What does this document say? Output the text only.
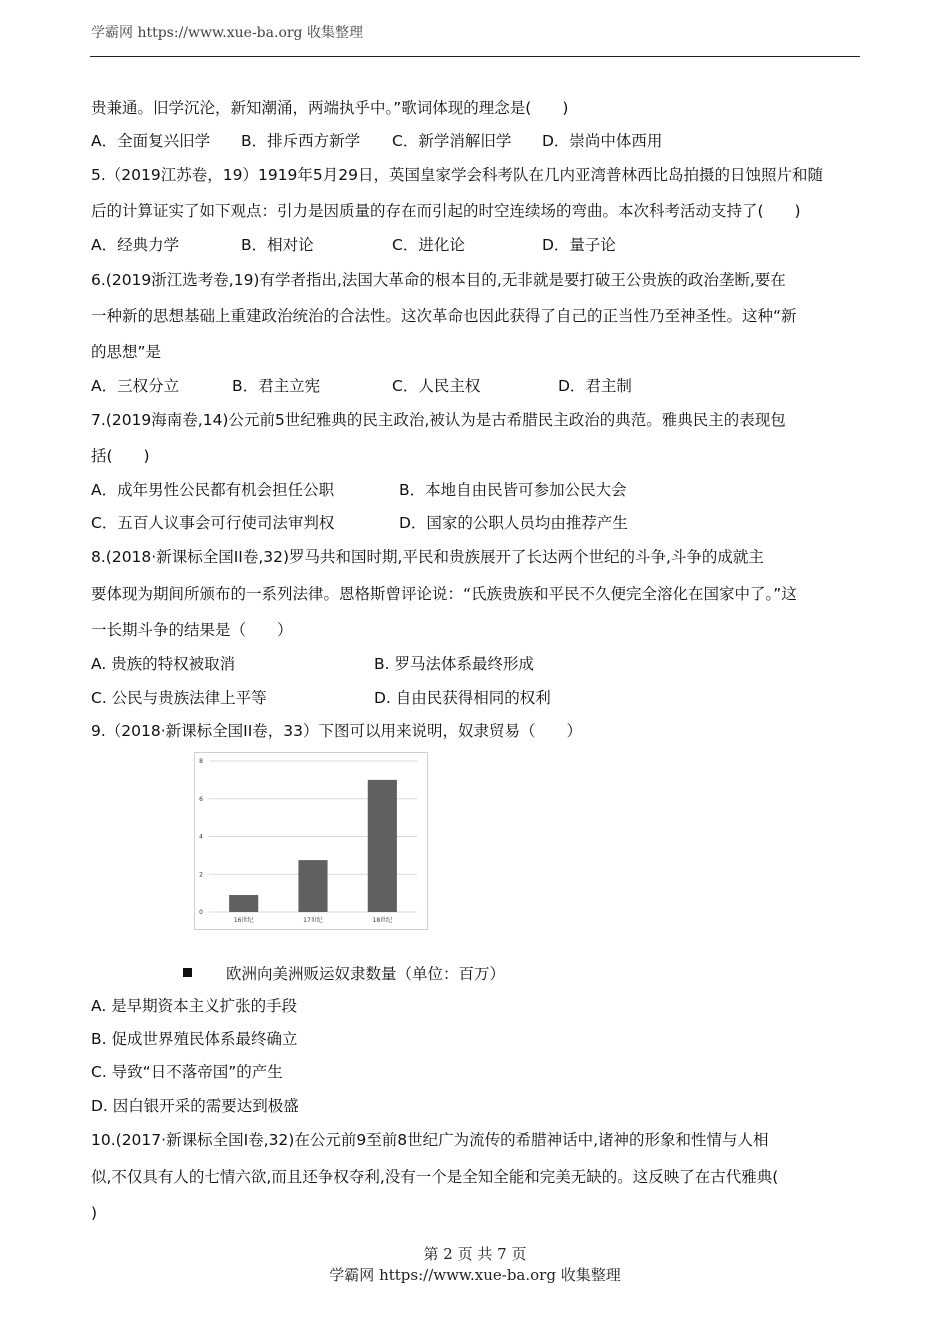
学霸网 https://www.xue-ba.org 收集整理
贵兼通。旧学沉沦，新知潮涌，两端执乎中。”歌词体现的理念是(　　)
A．全面复兴旧学 B．排斥西方新学 C．新学消解旧学 D．崇尚中体西用
5.（2019江苏卷，19）1919年5月29日，英国皇家学会科考队在几内亚湾普林西比岛拍摄的日蚀照片和随
后的计算证实了如下观点：引力是因质量的存在而引起的时空连续场的弯曲。本次科考活动支持了(　　)
A．经典力学	B．相对论	C．进化论	D．量子论
6.(2019浙江选考卷,19)有学者指出,法国大革命的根本目的,无非就是要打破王公贵族的政治垄断,要在
一种新的思想基础上重建政治统治的合法性。这次革命也因此获得了自己的正当性乃至神圣性。这种“新
的思想”是
A．三权分立	B．君主立宪	C．人民主权	D．君主制
7.(2019海南卷,14)公元前5世纪雅典的民主政治,被认为是古希腊民主政治的典范。雅典民主的表现包
括(　　)
A．成年男性公民都有机会担任公职	B．本地自由民皆可参加公民大会
C．五百人议事会可行使司法审判权	D．国家的公职人员均由推荐产生
8.(2018·新课标全国II卷,32)罗马共和国时期,平民和贵族展开了长达两个世纪的斗争,斗争的成就主
要体现为期间所颁布的一系列法律。恩格斯曾评论说：“氏族贵族和平民不久便完全溶化在国家中了。”这
一长期斗争的结果是（　　）
A. 贵族的特权被取消	B. 罗马法体系最终形成
C. 公民与贵族法律上平等	D. 自由民获得相同的权利
9.（2018·新课标全国II卷，33）下图可以用来说明，奴隶贸易（　　）
0
2
4
6
8
16世纪	17世纪	18世纪
欧洲向美洲贩运奴隶数量（单位：百万）
A. 是早期资本主义扩张的手段
B. 促成世界殖民体系最终确立
C. 导致“日不落帝国”的产生
D. 因白银开采的需要达到极盛
10.(2017·新课标全国I卷,32)在公元前9至前8世纪广为流传的希腊神话中,诸神的形象和性情与人相
似,不仅具有人的七情六欲,而且还争权夺利,没有一个是全知全能和完美无缺的。这反映了在古代雅典(
)
第 2 页 共 7 页
学霸网 https://www.xue-ba.org 收集整理
